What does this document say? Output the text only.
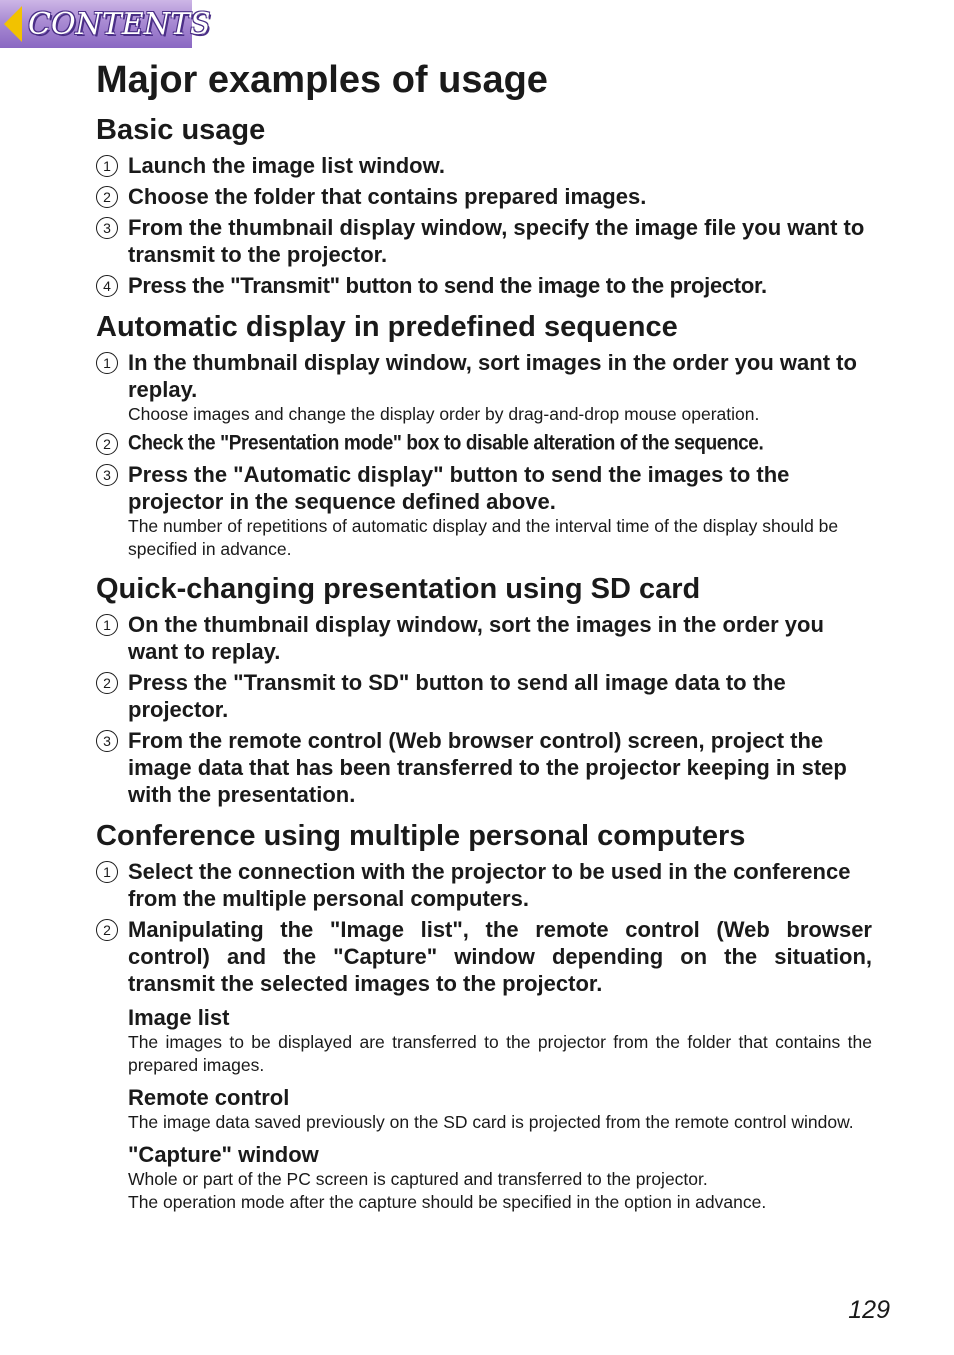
CONTENTS
Major examples of usage
Basic usage
1 Launch the image list window.
2 Choose the folder that contains prepared images.
3 From the thumbnail display window, specify the image file you want to transmit to the projector.
4 Press the "Transmit" button to send the image to the projector.
Automatic display in predefined sequence
1 In the thumbnail display window, sort images in the order you want to replay.
Choose images and change the display order by drag-and-drop mouse operation.
2 Check the "Presentation mode" box to disable alteration of the sequence.
3 Press the "Automatic display" button to send the images to the projector in the sequence defined above.
The number of repetitions of automatic display and the interval time of the display should be specified in advance.
Quick-changing presentation using SD card
1 On the thumbnail display window, sort the images in the order you want to replay.
2 Press the "Transmit to SD" button to send all image data to the projector.
3 From the remote control (Web browser control) screen, project the image data that has been transferred to the projector keeping in step with the presentation.
Conference using multiple personal computers
1 Select the connection with the projector to be used in the conference from the multiple personal computers.
2 Manipulating the "Image list", the remote control (Web browser control) and the "Capture" window depending on the situation, transmit the selected images to the projector.
Image list
The images to be displayed are transferred to the projector from the folder that contains the prepared images.
Remote control
The image data saved previously on the SD card is projected from the remote control window.
"Capture" window
Whole or part of the PC screen is captured and transferred to the projector.
The operation mode after the capture should be specified in the option in advance.
129
